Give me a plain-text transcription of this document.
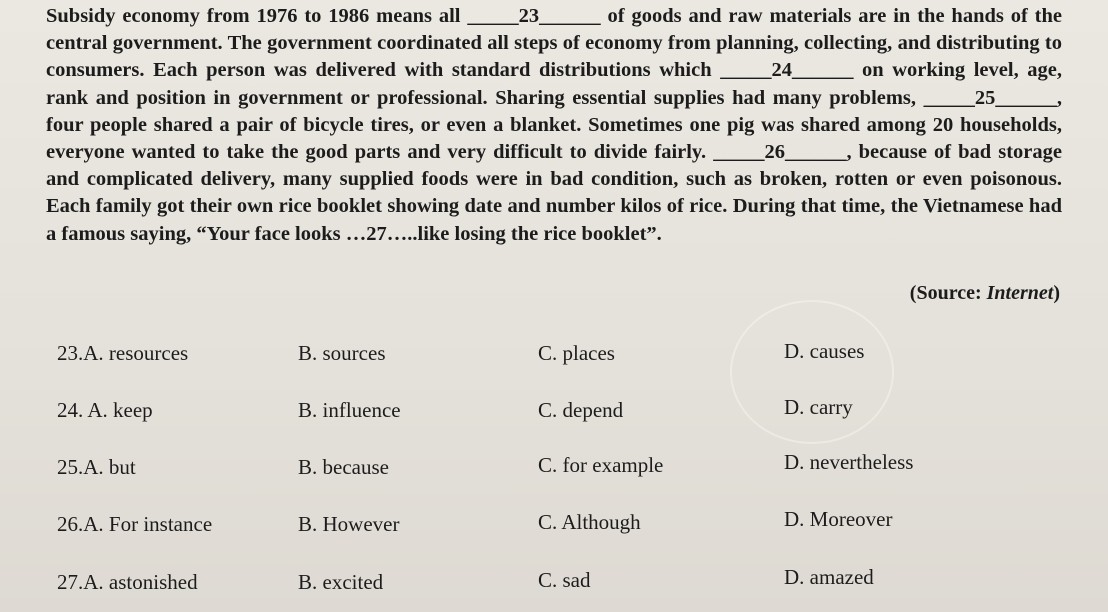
Subsidy economy from 1976 to 1986 means all _____23______ of goods and raw materials are in the hands of the central government. The government coordinated all steps of economy from planning, collecting, and distributing to consumers. Each person was delivered with standard distributions which _____24______ on working level, age, rank and position in government or professional. Sharing essential supplies had many problems, _____25______, four people shared a pair of bicycle tires, or even a blanket. Sometimes one pig was shared among 20 households, everyone wanted to take the good parts and very difficult to divide fairly. _____26______, because of bad storage and complicated delivery, many supplied foods were in bad condition, such as broken, rotten or even poisonous. Each family got their own rice booklet showing date and number kilos of rice. During that time, the Vietnamese had a famous saying, “Your face looks …27…..like losing the rice booklet”.
(Source: Internet)
23.A. resources	B. sources	C. places	D. causes
24. A. keep	B. influence	C. depend	D. carry
25.A. but	B. because	C. for example	D. nevertheless
26.A. For instance	B. However	C. Although	D. Moreover
27.A. astonished	B. excited	C. sad	D. amazed
